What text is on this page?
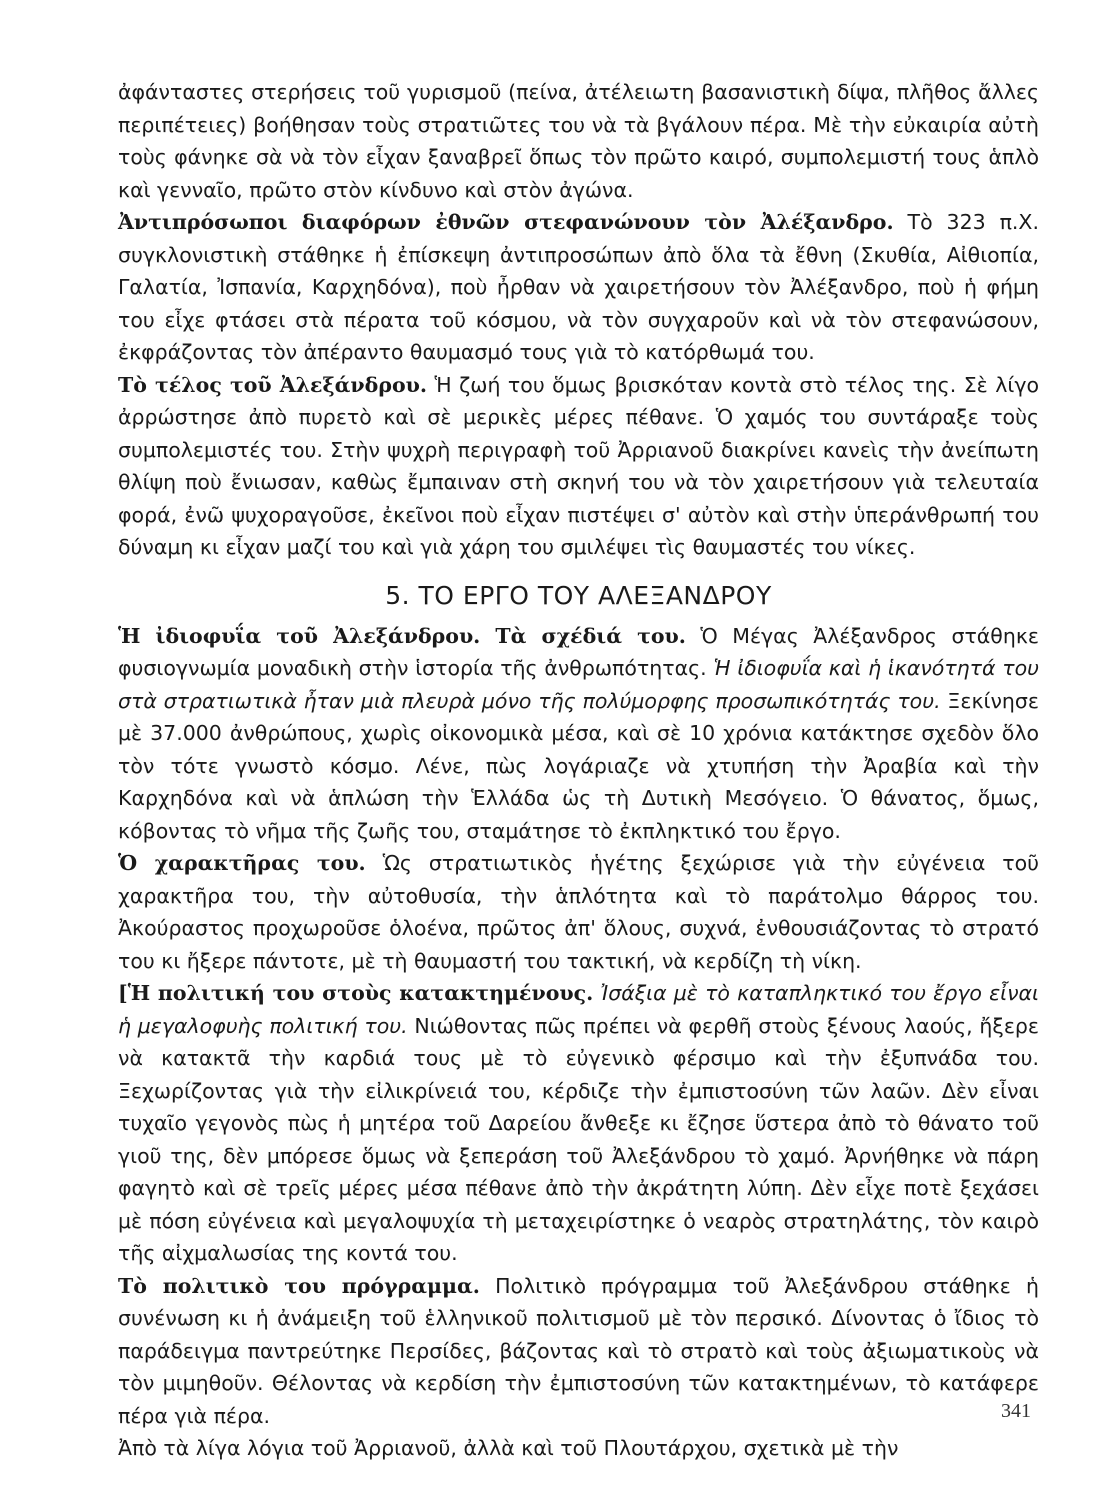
ἀφάνταστες στερήσεις τοῦ γυρισμοῦ (πείνα, ἀτέλειωτη βασανιστικὴ δίψα, πλῆθος ἄλλες περιπέτειες) βοήθησαν τοὺς στρατιῶτες του νὰ τὰ βγάλουν πέρα. Μὲ τὴν εὐκαιρία αὐτὴ τοὺς φάνηκε σὰ νὰ τὸν εἶχαν ξαναβρεῖ ὅπως τὸν πρῶτο καιρό, συμπολεμιστή τους ἁπλὸ καὶ γενναῖο, πρῶτο στὸν κίνδυνο καὶ στὸν ἀγώνα.

Ἀντιπρόσωποι διαφόρων ἐθνῶν στεφανώνουν τὸν Ἀλέξανδρο. Τὸ 323 π.Χ. συγκλονιστικὴ στάθηκε ἡ ἐπίσκεψη ἀντιπροσώπων ἀπὸ ὅλα τὰ ἔθνη (Σκυθία, Αἰθιοπία, Γαλατία, Ἰσπανία, Καρχηδόνα), ποὺ ἦρθαν νὰ χαιρετήσουν τὸν Ἀλέξανδρο, ποὺ ἡ φήμη του εἶχε φτάσει στὰ πέρατα τοῦ κόσμου, νὰ τὸν συγχαροῦν καὶ νὰ τὸν στεφανώσουν, ἐκφράζοντας τὸν ἀπέραντο θαυμασμό τους γιὰ τὸ κατόρθωμά του.

Τὸ τέλος τοῦ Ἀλεξάνδρου. Ἡ ζωή του ὅμως βρισκόταν κοντὰ στὸ τέλος της. Σὲ λίγο ἀρρώστησε ἀπὸ πυρετὸ καὶ σὲ μερικὲς μέρες πέθανε. Ὁ χαμός του συντάραξε τοὺς συμπολεμιστές του. Στὴν ψυχρὴ περιγραφὴ τοῦ Ἀρριανοῦ διακρίνει κανεὶς τὴν ἀνείπωτη θλίψη ποὺ ἔνιωσαν, καθὼς ἔμπαιναν στὴ σκηνή του νὰ τὸν χαιρετήσουν γιὰ τελευταία φορά, ἐνῶ ψυχοραγοῦσε, ἐκεῖνοι ποὺ εἶχαν πιστέψει σ' αὐτὸν καὶ στὴν ὑπεράνθρωπή του δύναμη κι εἶχαν μαζί του καὶ γιὰ χάρη του σμιλέψει τὶς θαυμαστές του νίκες.

5. ΤΟ ΕΡΓΟ ΤΟΥ ΑΛΕΞΑΝΔΡΟΥ

Ἡ ἰδιοφυΐα τοῦ Ἀλεξάνδρου. Τὰ σχέδιά του. Ὁ Μέγας Ἀλέξανδρος στάθηκε φυσιογνωμία μοναδικὴ στὴν ἱστορία τῆς ἀνθρωπότητας. Ἡ ἰδιοφυΐα καὶ ἡ ἱκανότητά του στὰ στρατιωτικὰ ἦταν μιὰ πλευρὰ μόνο τῆς πολύμορφης προσωπικότητάς του. Ξεκίνησε μὲ 37.000 ἀνθρώπους, χωρὶς οἰκονομικὰ μέσα, καὶ σὲ 10 χρόνια κατάκτησε σχεδὸν ὅλο τὸν τότε γνωστὸ κόσμο. Λένε, πὼς λογάριαζε νὰ χτυπήση τὴν Ἀραβία καὶ τὴν Καρχηδόνα καὶ νὰ ἁπλώση τὴν Ἑλλάδα ὡς τὴ Δυτικὴ Μεσόγειο. Ὁ θάνατος, ὅμως, κόβοντας τὸ νῆμα τῆς ζωῆς του, σταμάτησε τὸ ἐκπληκτικό του ἔργο.

Ὁ χαρακτῆρας του. Ὡς στρατιωτικὸς ἡγέτης ξεχώρισε γιὰ τὴν εὐγένεια τοῦ χαρακτῆρα του, τὴν αὐτοθυσία, τὴν ἁπλότητα καὶ τὸ παράτολμο θάρρος του. Ἀκούραστος προχωροῦσε ὁλοένα, πρῶτος ἀπ' ὅλους, συχνά, ἐνθουσιάζοντας τὸ στρατό του κι ἤξερε πάντοτε, μὲ τὴ θαυμαστή του τακτική, νὰ κερδίζη τὴ νίκη.

[Ἡ πολιτική του στοὺς κατακτημένους. Ἰσάξια μὲ τὸ καταπληκτικό του ἔργο εἶναι ἡ μεγαλοφυὴς πολιτική του. Νιώθοντας πῶς πρέπει νὰ φερθῆ στοὺς ξένους λαούς, ἤξερε νὰ κατακτᾶ τὴν καρδιά τους μὲ τὸ εὐγενικὸ φέρσιμο καὶ τὴν ἐξυπνάδα του. Ξεχωρίζοντας γιὰ τὴν εἰλικρίνειά του, κέρδιζε τὴν ἐμπιστοσύνη τῶν λαῶν. Δὲν εἶναι τυχαῖο γεγονὸς πὼς ἡ μητέρα τοῦ Δαρείου ἄνθεξε κι ἔζησε ὕστερα ἀπὸ τὸ θάνατο τοῦ γιοῦ της, δὲν μπόρεσε ὅμως νὰ ξεπεράση τοῦ Ἀλεξάνδρου τὸ χαμό. Ἀρνήθηκε νὰ πάρη φαγητὸ καὶ σὲ τρεῖς μέρες μέσα πέθανε ἀπὸ τὴν ἀκράτητη λύπη. Δὲν εἶχε ποτὲ ξεχάσει μὲ πόση εὐγένεια καὶ μεγαλοψυχία τὴ μεταχειρίστηκε ὁ νεαρὸς στρατηλάτης, τὸν καιρὸ τῆς αἰχμαλωσίας της κοντά του.

Τὸ πολιτικὸ του πρόγραμμα. Πολιτικὸ πρόγραμμα τοῦ Ἀλεξάνδρου στάθηκε ἡ συνένωση κι ἡ ἀνάμειξη τοῦ ἑλληνικοῦ πολιτισμοῦ μὲ τὸν περσικό. Δίνοντας ὁ ἴδιος τὸ παράδειγμα παντρεύτηκε Περσίδες, βάζοντας καὶ τὸ στρατὸ καὶ τοὺς ἀξιωματικοὺς νὰ τὸν μιμηθοῦν. Θέλοντας νὰ κερδίση τὴν ἐμπιστοσύνη τῶν κατακτημένων, τὸ κατάφερε πέρα γιὰ πέρα.

Ἀπὸ τὰ λίγα λόγια τοῦ Ἀρριανοῦ, ἀλλὰ καὶ τοῦ Πλουτάρχου, σχετικὰ μὲ τὴν

341
